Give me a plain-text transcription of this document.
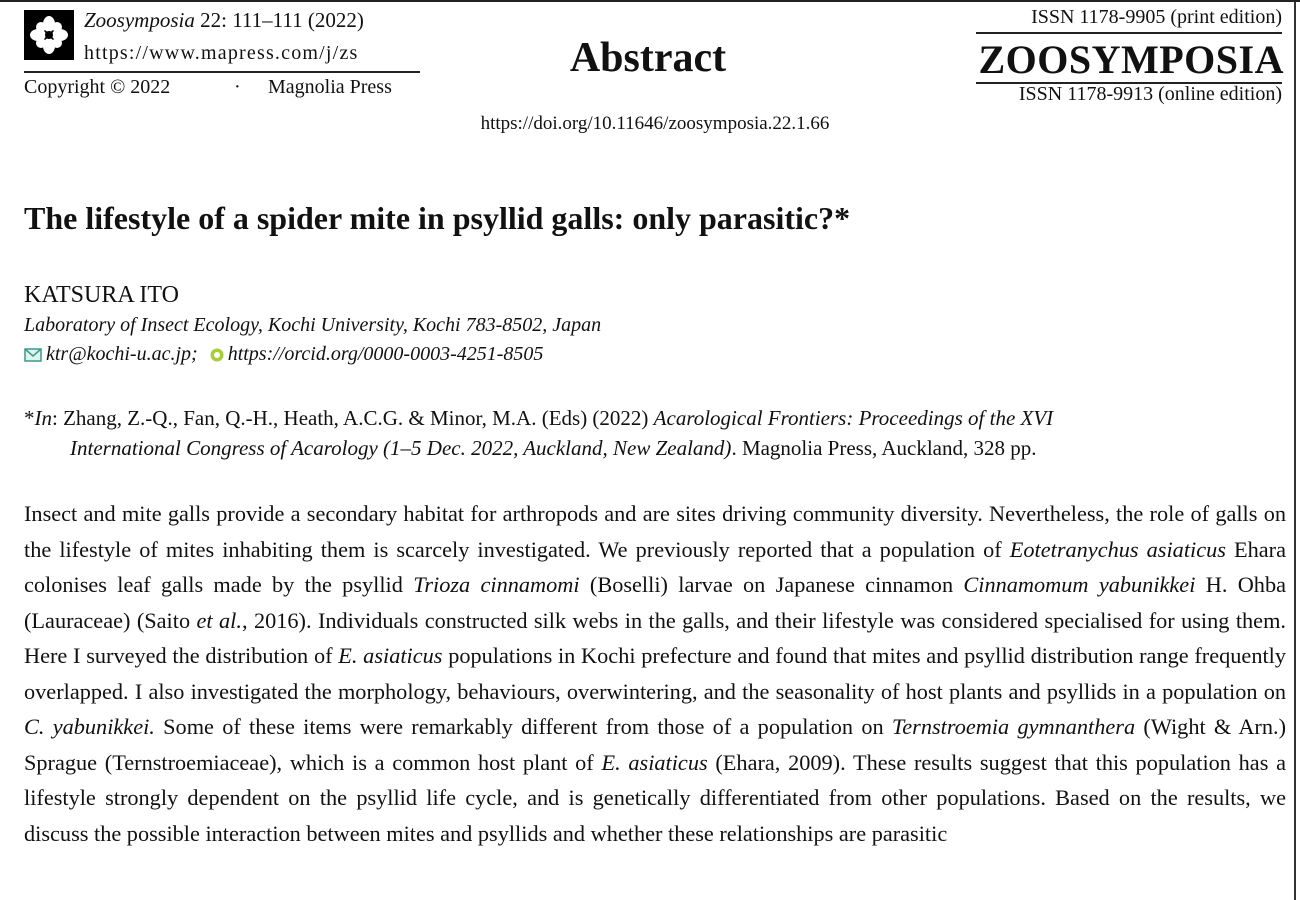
Zoosymposia 22: 111–111 (2022)
https://www.mapress.com/j/zs
Copyright © 2022	· Magnolia Press
Abstract
https://doi.org/10.11646/zoosymposia.22.1.66
ISSN 1178-9905 (print edition)
ZOOSYMPOSIA
ISSN 1178-9913 (online edition)
The lifestyle of a spider mite in psyllid galls: only parasitic?*
KATSURA ITO
Laboratory of Insect Ecology, Kochi University, Kochi 783-8502, Japan
ktr@kochi-u.ac.jp; https://orcid.org/0000-0003-4251-8505
*In: Zhang, Z.-Q., Fan, Q.-H., Heath, A.C.G. & Minor, M.A. (Eds) (2022) Acarological Frontiers: Proceedings of the XVI
International Congress of Acarology (1–5 Dec. 2022, Auckland, New Zealand). Magnolia Press, Auckland, 328 pp.

Insect and mite galls provide a secondary habitat for arthropods and are sites driving community diversity. Nevertheless, the role of galls on the lifestyle of mites inhabiting them is scarcely investigated. We previously reported that a population of Eotetranychus asiaticus Ehara colonises leaf galls made by the psyllid Trioza cinnamomi (Boselli) larvae on Japanese cinnamon Cinnamomum yabunikkei H. Ohba (Lauraceae) (Saito et al., 2016). Individuals constructed silk webs in the galls, and their lifestyle was considered specialised for using them. Here I surveyed the distribution of E. asiaticus populations in Kochi prefecture and found that mites and psyllid distribution range frequently overlapped. I also investigated the morphology, behaviours, overwintering, and the seasonality of host plants and psyllids in a population on C. yabunikkei. Some of these items were remarkably different from those of a population on Ternstroemia gymnanthera (Wight & Arn.) Sprague (Ternstroemiaceae), which is a common host plant of E. asiaticus (Ehara, 2009). These results suggest that this population has a lifestyle strongly dependent on the psyllid life cycle, and is genetically differentiated from other populations. Based on the results, we discuss the possible interaction between mites and psyllids and whether these relationships are parasitic
